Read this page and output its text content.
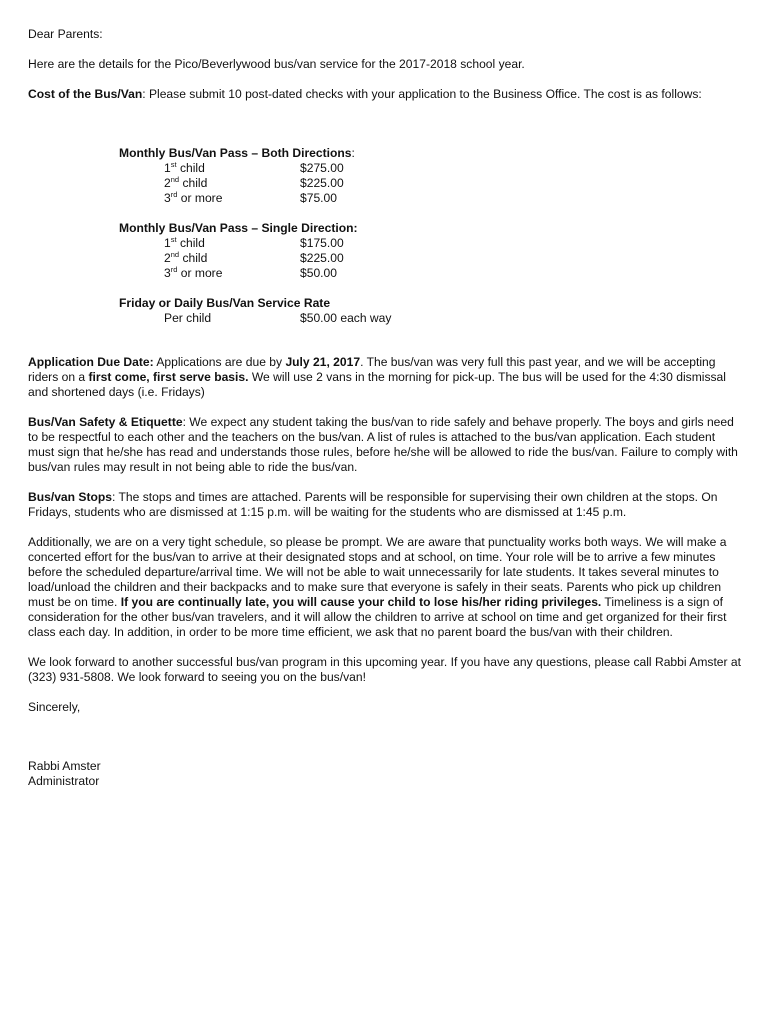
Dear Parents:

Here are the details for the Pico/Beverlywood bus/van service for the 2017-2018 school year.

Cost of the Bus/Van: Please submit 10 post-dated checks with your application to the Business Office. The cost is as follows:

Monthly Bus/Van Pass – Both Directions:

1st child	$275.00
2nd child	$225.00
3rd or more	$75.00

Monthly Bus/Van Pass – Single Direction:

1st child	$175.00
2nd child	$225.00
3rd or more	$50.00

Friday or Daily Bus/Van Service Rate

Per child	$50.00 each way

Application Due Date: Applications are due by July 21, 2017. The bus/van was very full this past year, and we will be accepting riders on a first come, first serve basis. We will use 2 vans in the morning for pick-up. The bus will be used for the 4:30 dismissal and shortened days (i.e. Fridays)

Bus/Van Safety & Etiquette: We expect any student taking the bus/van to ride safely and behave properly. The boys and girls need to be respectful to each other and the teachers on the bus/van. A list of rules is attached to the bus/van application. Each student must sign that he/she has read and understands those rules, before he/she will be allowed to ride the bus/van. Failure to comply with bus/van rules may result in not being able to ride the bus/van.

Bus/van Stops: The stops and times are attached. Parents will be responsible for supervising their own children at the stops. On Fridays, students who are dismissed at 1:15 p.m. will be waiting for the students who are dismissed at 1:45 p.m.

Additionally, we are on a very tight schedule, so please be prompt. We are aware that punctuality works both ways. We will make a concerted effort for the bus/van to arrive at their designated stops and at school, on time. Your role will be to arrive a few minutes before the scheduled departure/arrival time. We will not be able to wait unnecessarily for late students. It takes several minutes to load/unload the children and their backpacks and to make sure that everyone is safely in their seats. Parents who pick up children must be on time. If you are continually late, you will cause your child to lose his/her riding privileges. Timeliness is a sign of consideration for the other bus/van travelers, and it will allow the children to arrive at school on time and get organized for their first class each day. In addition, in order to be more time efficient, we ask that no parent board the bus/van with their children.

We look forward to another successful bus/van program in this upcoming year. If you have any questions, please call Rabbi Amster at (323) 931-5808. We look forward to seeing you on the bus/van!

Sincerely,

Rabbi Amster

Administrator
